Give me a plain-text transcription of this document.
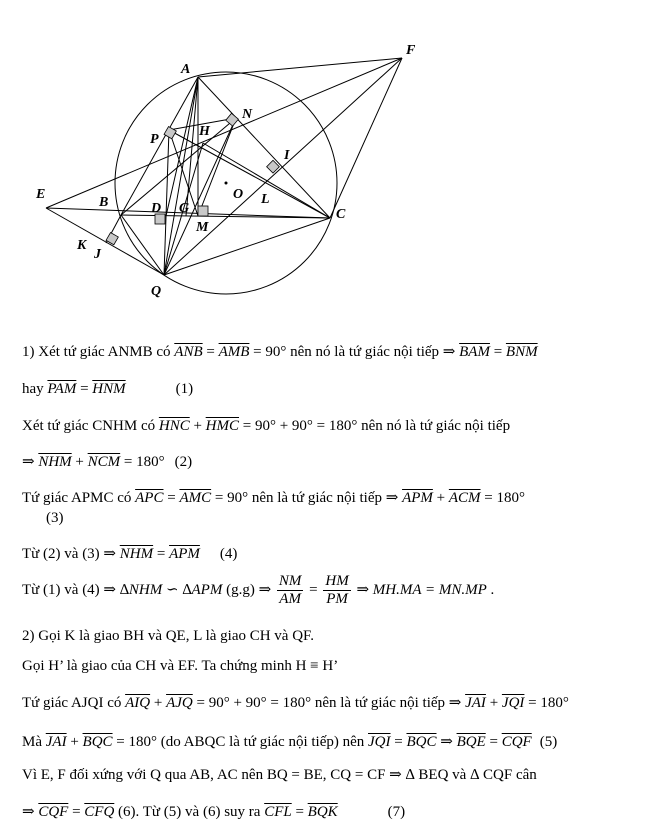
A
F
N
P
H
I
E
B	D G
O L
C
M
K
J
Q
1) Xét tứ giác ANMB có $\overline{ANB} = \overline{AMB} = 90^\circ$ nên nó là tứ giác nội tiếp ⇒ $\overline{BAM} = \overline{BNM}$
hay $\overline{PAM} = \overline{HNM}$	(1)
Xét tứ giác CNHM có $\overline{HNC} + \overline{HMC} = 90^\circ + 90^\circ = 180^\circ$ nên nó là tứ giác nội tiếp
⇒ $\overline{NHM} + \overline{NCM} = 180^\circ$ (2)
Tứ giác APMC có $\overline{APC} = \overline{AMC} = 90^\circ$ nên là tứ giác nội tiếp ⇒ $\overline{APM} + \overline{ACM} = 180^\circ$
(3)
Từ (2) và (3) ⇒ $\overline{NHM} = \overline{APM}$ (4)
Từ (1) và (4) ⇒ ∆NHM ∽ ∆APM (g.g) ⇒ $\frac{NM}{AM} = \frac{HM}{PM}$ ⇒ MH.MA = MN.MP .
2) Gọi K là giao BH và QE, L là giao CH và QF.
Gọi H’ là giao của CH và EF. Ta chứng minh H ≡ H’
Tứ giác AJQI có $\overline{AIQ} + \overline{AJQ} = 90^\circ + 90^\circ = 180^\circ$ nên là tứ giác nội tiếp ⇒ $\overline{JAI} + \overline{JQI} = 180^\circ$
Mà $\overline{JAI} + \overline{BQC} = 180^\circ$ (do ABQC là tứ giác nội tiếp) nên $\overline{JQI} = \overline{BQC}$ ⇒ $\overline{BQE} = \overline{CQF}$ (5)
Vì E, F đối xứng với Q qua AB, AC nên BQ = BE, CQ = CF ⇒ ∆ BEQ và ∆ CQF cân
⇒ $\overline{CQF} = \overline{CFQ}$ (6). Từ (5) và (6) suy ra $\overline{CFL} = \overline{BQK}$	(7)
